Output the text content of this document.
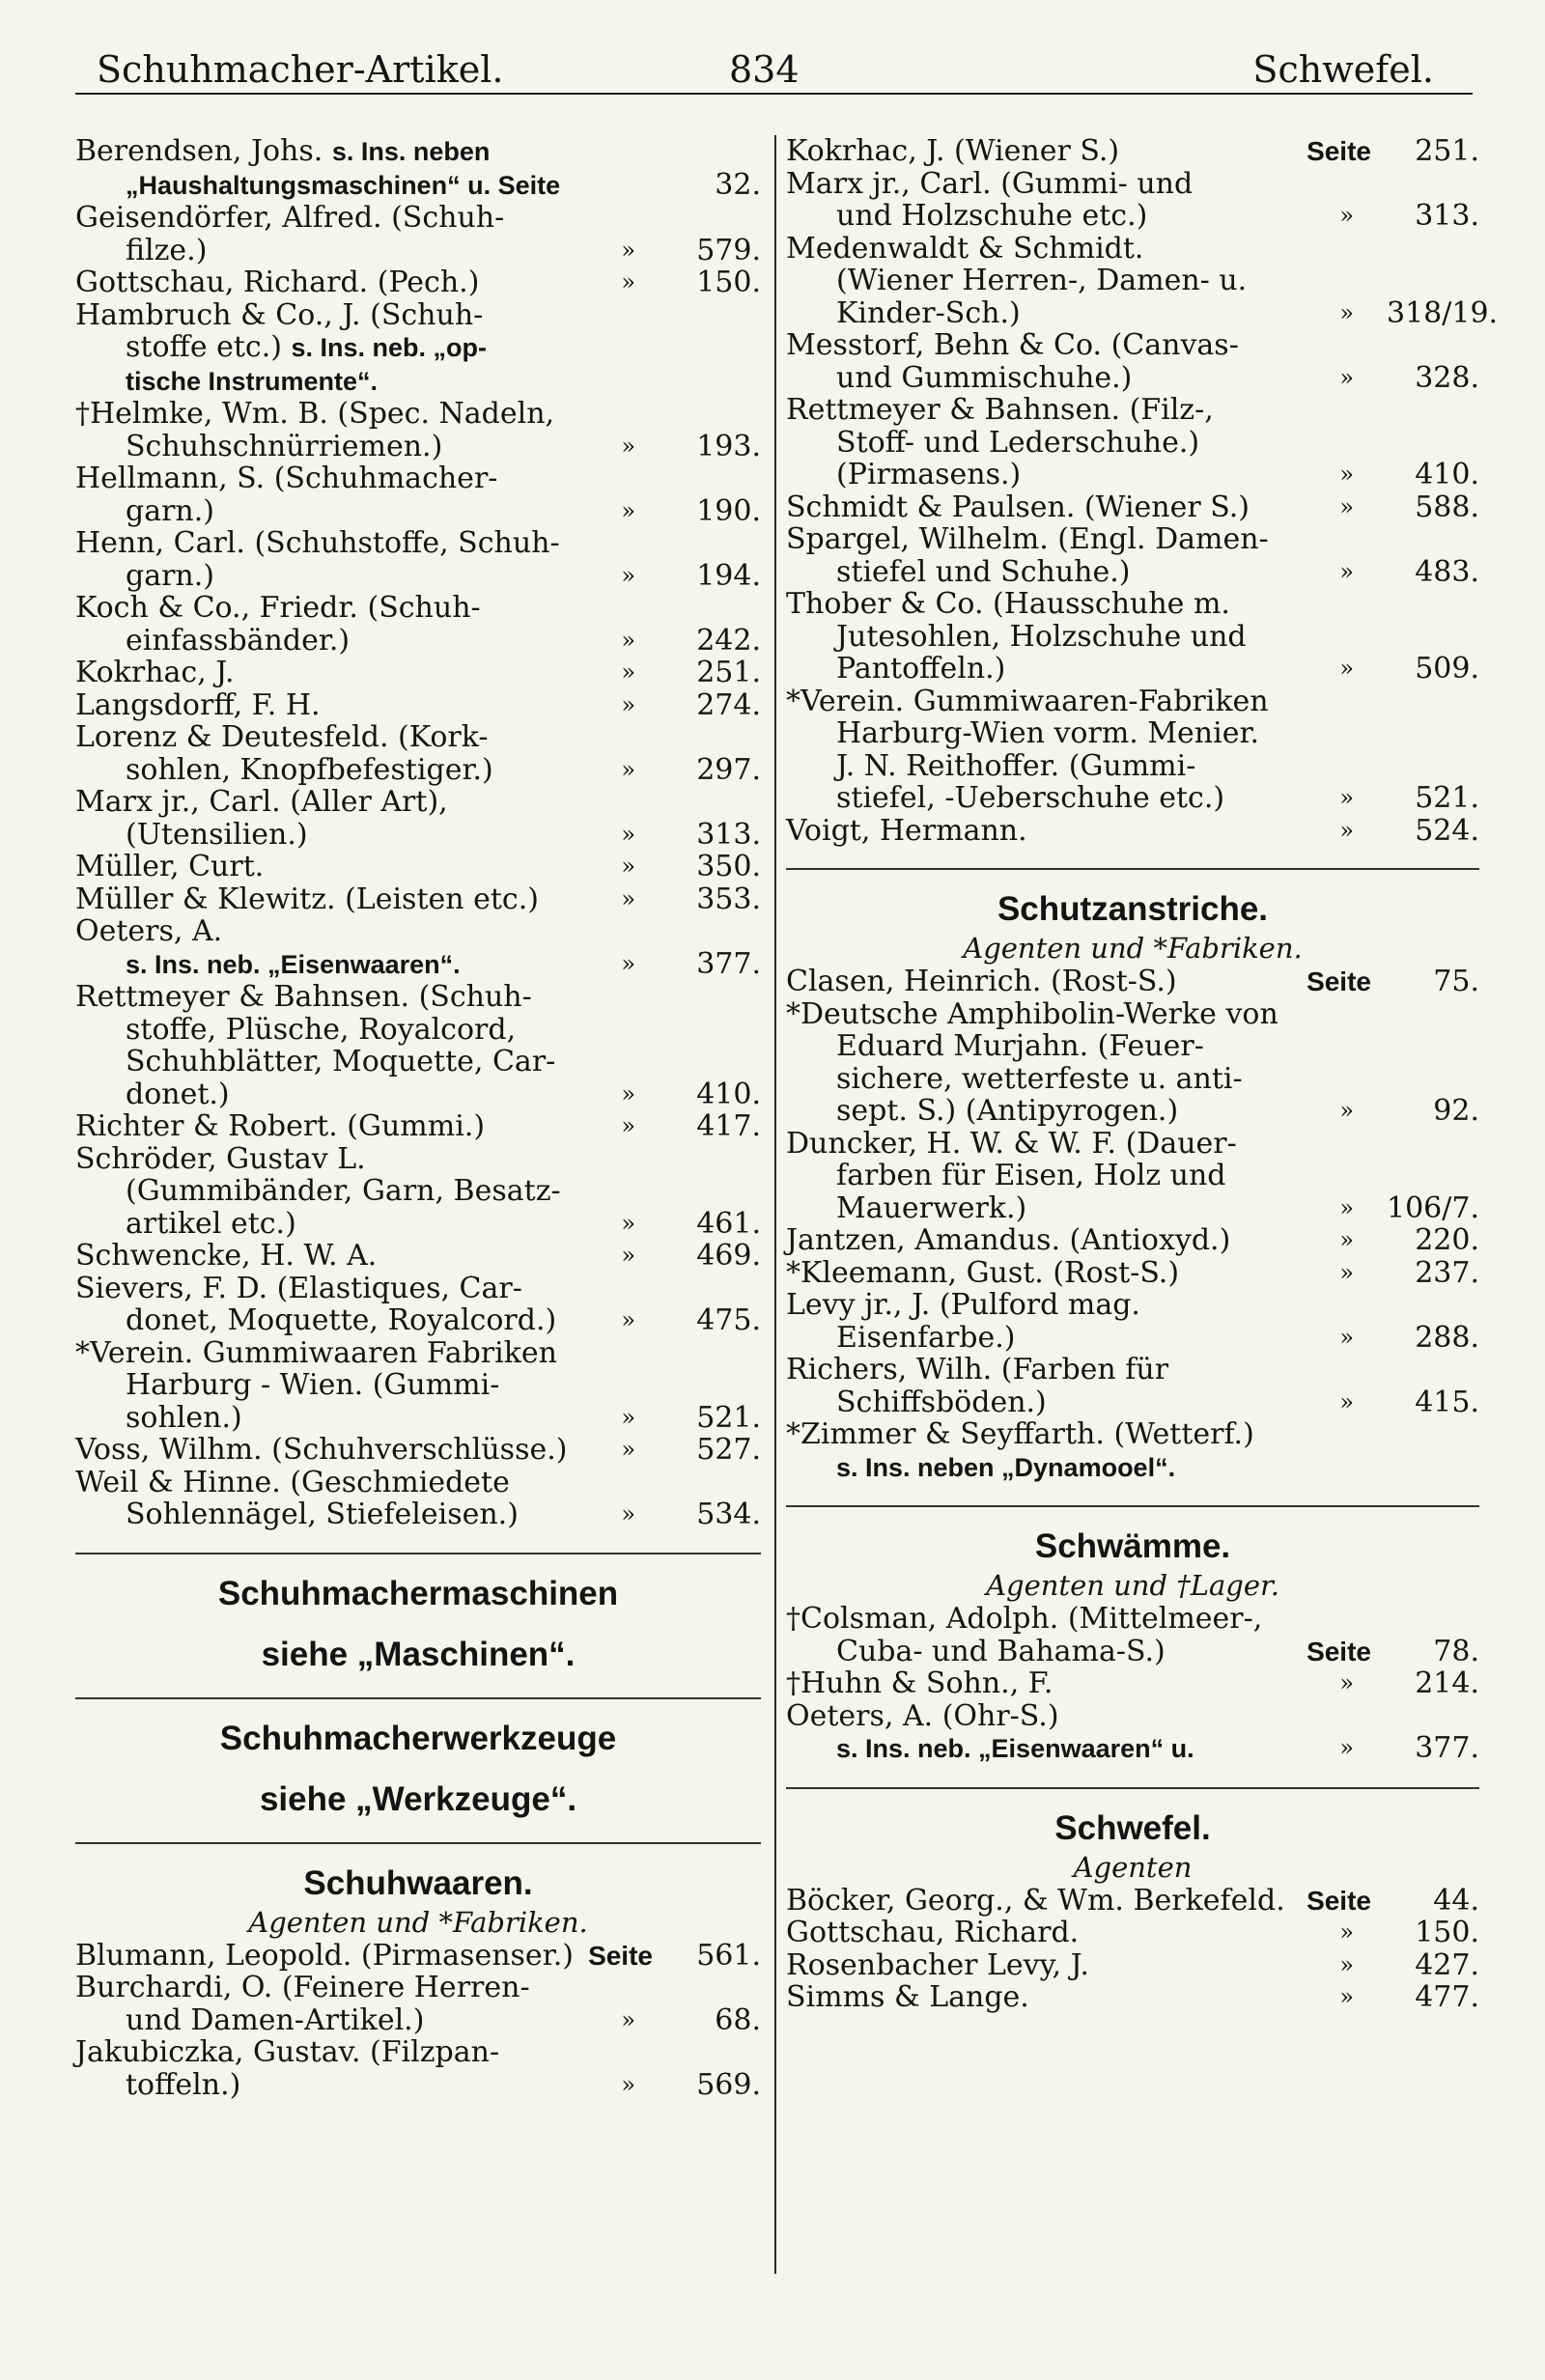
Schuhmacher-Artikel.	834	Schwefel.
Berendsen, Johs. s. Ins. neben
„Haushaltungsmaschinen“ u. Seite	32.
Geisendörfer, Alfred. (Schuh-
filze.)	»	579.
Gottschau, Richard. (Pech.)	»	150.
Hambruch & Co., J. (Schuh-
stoffe etc.) s. Ins. neb. „op-
tische Instrumente“.
†Helmke, Wm. B. (Spec. Nadeln,
Schuhschnürriemen.)	»	193.
Hellmann, S. (Schuhmacher-
garn.)	»	190.
Henn, Carl. (Schuhstoffe, Schuh-
garn.)	»	194.
Koch & Co., Friedr. (Schuh-
einfassbänder.)	»	242.
Kokrhac, J.	»	251.
Langsdorff, F. H.	»	274.
Lorenz & Deutesfeld. (Kork-
sohlen, Knopfbefestiger.)	»	297.
Marx jr., Carl. (Aller Art),
(Utensilien.)	»	313.
Müller, Curt.	»	350.
Müller & Klewitz. (Leisten etc.)	»	353.
Oeters, A.
s. Ins. neb. „Eisenwaaren“.	»	377.
Rettmeyer & Bahnsen. (Schuh-
stoffe, Plüsche, Royalcord,
Schuhblätter, Moquette, Car-
donet.)	»	410.
Richter & Robert. (Gummi.)	»	417.
Schröder, Gustav L.
(Gummibänder, Garn, Besatz-
artikel etc.)	»	461.
Schwencke, H. W. A.	»	469.
Sievers, F. D. (Elastiques, Car-
donet, Moquette, Royalcord.)	»	475.
*Verein. Gummiwaaren Fabriken
Harburg - Wien. (Gummi-
sohlen.)	»	521.
Voss, Wilhm. (Schuhverschlüsse.) »	527.
Weil & Hinne. (Geschmiedete
Sohlennägel, Stiefeleisen.)	»	534.
Schuhmachermaschinen
siehe „Maschinen“.
Schuhmacherwerkzeuge
siehe „Werkzeuge“.
Schuhwaaren.
Agenten und *Fabriken.
Blumann, Leopold. (Pirmasenser.) Seite	561.
Burchardi, O. (Feinere Herren-
und Damen-Artikel.)	»	68.
Jakubiczka, Gustav. (Filzpan-
toffeln.)	»	569.
Kokrhac, J. (Wiener S.)	Seite	251.
Marx jr., Carl. (Gummi- und
und Holzschuhe etc.)	»	313.
Medenwaldt & Schmidt.
(Wiener Herren-, Damen- u.
Kinder-Sch.)	» 318/19.
Messtorf, Behn & Co. (Canvas-
und Gummischuhe.)	»	328.
Rettmeyer & Bahnsen. (Filz-,
Stoff- und Lederschuhe.)
(Pirmasens.)	»	410.
Schmidt & Paulsen. (Wiener S.)	»	588.
Spargel, Wilhelm. (Engl. Damen-
stiefel und Schuhe.)	»	483.
Thober & Co. (Hausschuhe m.
Jutesohlen, Holzschuhe und
Pantoffeln.)	»	509.
*Verein. Gummiwaaren-Fabriken
Harburg-Wien vorm. Menier.
J. N. Reithoffer. (Gummi-
stiefel, -Ueberschuhe etc.)	»	521.
Voigt, Hermann.	»	524.
Schutzanstriche.
Agenten und *Fabriken.
Clasen, Heinrich. (Rost-S.)	Seite	75.
*Deutsche Amphibolin-Werke von
Eduard Murjahn. (Feuer-
sichere, wetterfeste u. anti-
sept. S.) (Antipyrogen.)	»	92.
Duncker, H. W. & W. F. (Dauer-
farben für Eisen, Holz und
Mauerwerk.)	» 106/7.
Jantzen, Amandus. (Antioxyd.)	»	220.
*Kleemann, Gust. (Rost-S.)	»	237.
Levy jr., J. (Pulford mag.
Eisenfarbe.)	»	288.
Richers, Wilh. (Farben für
Schiffsböden.)	»	415.
*Zimmer & Seyffarth. (Wetterf.)
s. Ins. neben „Dynamooel“.
Schwämme.
Agenten und †Lager.
†Colsman, Adolph. (Mittelmeer-,
Cuba- und Bahama-S.)	Seite	78.
†Huhn & Sohn., F.	»	214.
Oeters, A. (Ohr-S.)
s. Ins. neb. „Eisenwaaren“ u.	»	377.
Schwefel.
Agenten
Böcker, Georg., & Wm. Berkefeld. Seite	44.
Gottschau, Richard.	»	150.
Rosenbacher Levy, J.	»	427.
Simms & Lange.	»	477.
